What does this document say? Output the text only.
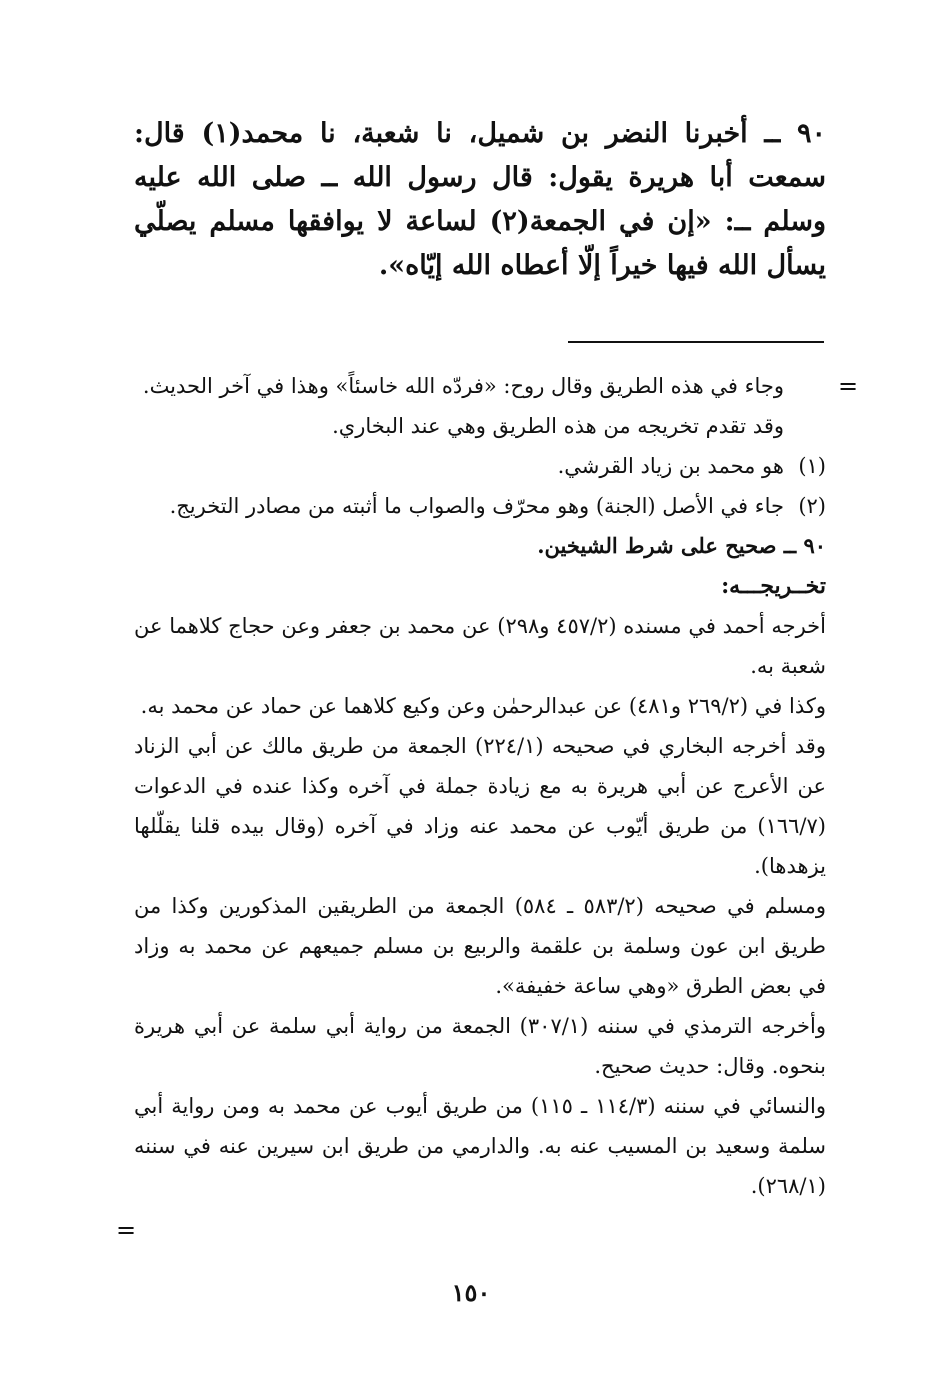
٩٠ ــ أخبرنا النضر بن شميل، نا شعبة، نا محمد(١) قال: سمعت أبا هريرة يقول: قال رسول الله ــ صلى الله عليه وسلم ــ: «إن في الجمعة(٢) لساعة لا يوافقها مسلم يصلّي يسأل الله فيها خيراً إلّا أعطاه الله إيّاه».
=

وجاء في هذه الطريق وقال روح: «فردّه الله خاسئاً» وهذا في آخر الحديث.

وقد تقدم تخريجه من هذه الطريق وهي عند البخاري.

(١)
هو محمد بن زياد القرشي.
(٢)
جاء في الأصل (الجنة) وهو محرّف والصواب ما أثبته من مصادر التخريج.

٩٠ ــ صحيح على شرط الشيخين.

تخــريجـــه:

أخرجه أحمد في مسنده (٤٥٧/٢ و٢٩٨) عن محمد بن جعفر وعن حجاج كلاهما عن شعبة به.

وكذا في (٢٦٩/٢ و٤٨١) عن عبدالرحمٰن وعن وكيع كلاهما عن حماد عن محمد به.

وقد أخرجه البخاري في صحيحه (٢٢٤/١) الجمعة من طريق مالك عن أبي الزناد عن الأعرج عن أبي هريرة به مع زيادة جملة في آخره وكذا عنده في الدعوات (١٦٦/٧) من طريق أيّوب عن محمد عنه وزاد في آخره (وقال بيده قلنا يقلّلها يزهدها).

ومسلم في صحيحه (٥٨٣/٢ ـ ٥٨٤) الجمعة من الطريقين المذكورين وكذا من طريق ابن عون وسلمة بن علقمة والربيع بن مسلم جميعهم عن محمد به وزاد في بعض الطرق «وهي ساعة خفيفة».

وأخرجه الترمذي في سننه (٣٠٧/١) الجمعة من رواية أبي سلمة عن أبي هريرة بنحوه. وقال: حديث صحيح.

والنسائي في سننه (١١٤/٣ ـ ١١٥) من طريق أيوب عن محمد به ومن رواية أبي سلمة وسعيد بن المسيب عنه به. والدارمي من طريق ابن سيرين عنه في سننه (٢٦٨/١).

=
١٥٠
